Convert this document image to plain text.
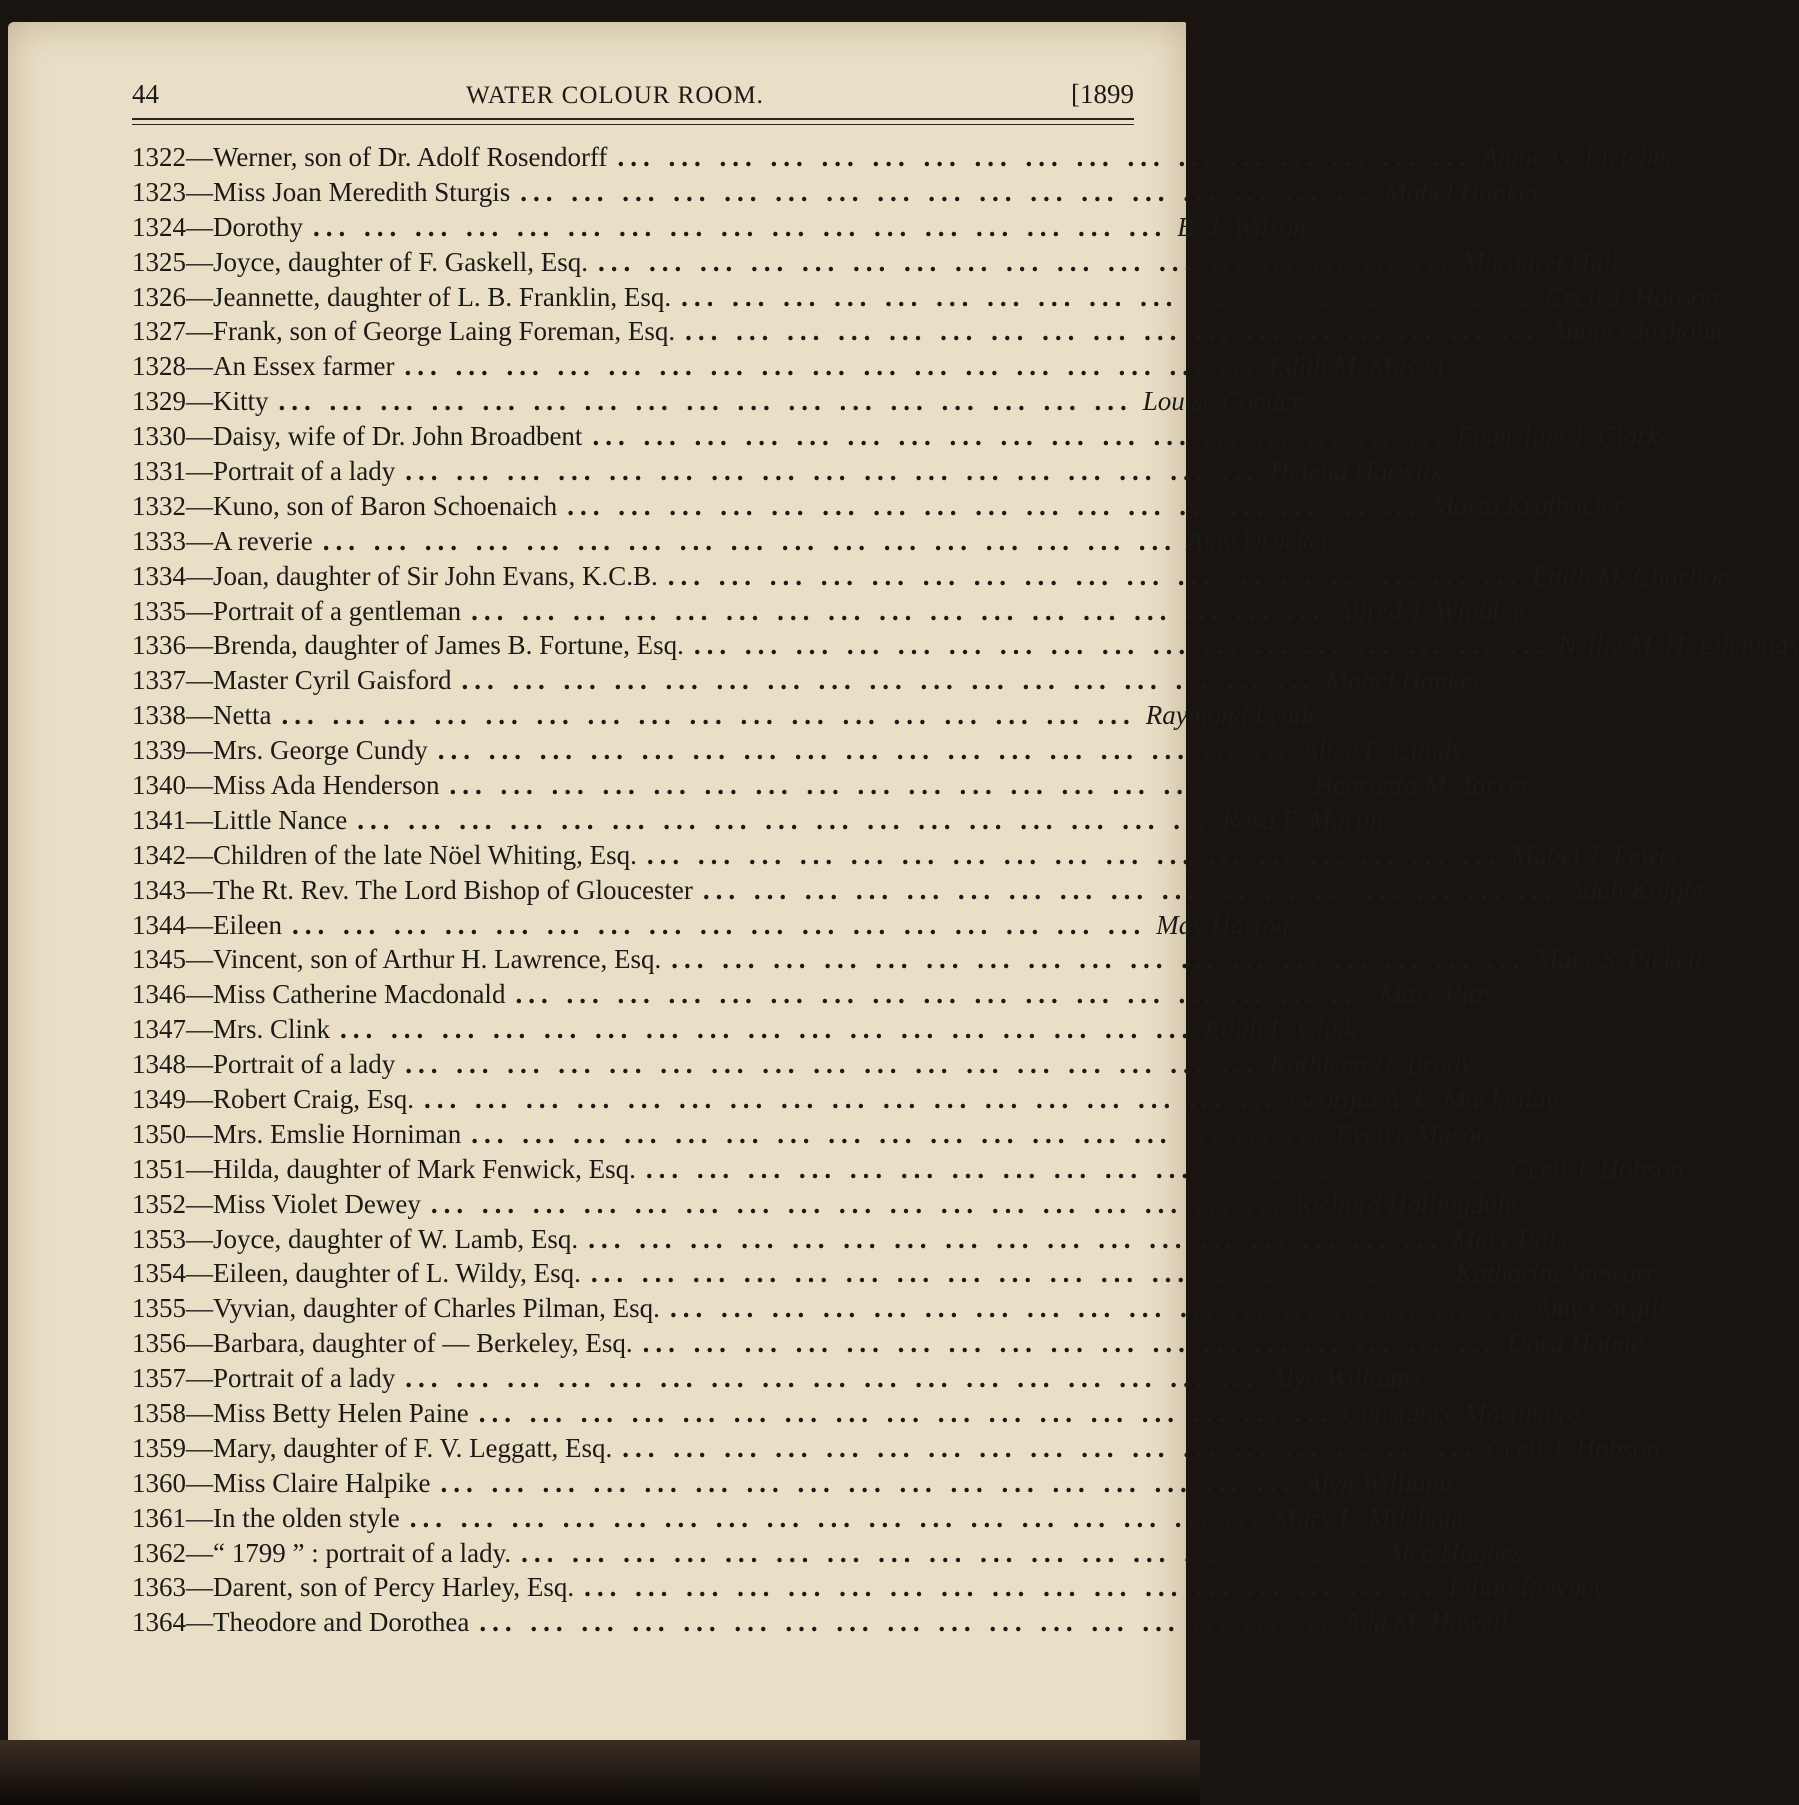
44	WATER COLOUR ROOM.	[1899
1322—Werner, son of Dr. Adolf Rosendorff ... .	Annie G. Fletcher
1323—Miss Joan Meredith Sturgis ... .	Mabel Hankey
1324—Dorothy ... .	B. J. Wilson
1325—Joyce, daughter of F. Gaskell, Esq. ... .	Margaret Hall
1326—Jeannette, daughter of L. B. Franklin, Esq. ... .	Cecil J. Hobson
1327—Frank, son of George Laing Foreman, Esq. ... .	Annie Chisholm
1328—An Essex farmer ... .	Edith M. Mason
1329—Kitty ... .	Louise Conder
1330—Daisy, wife of Dr. John Broadbent ... .	Emmeline T. Clarke
1331—Portrait of a lady ... .	Helena Horwitz
1332—Kuno, son of Baron Schoenaich ... .	Marta Kraftmeier
1333—A reverie ... .	Amy Drucker
1334—Joan, daughter of Sir John Evans, K.C.B. ... .	Edith M. Charlton
1335—Portrait of a gentleman ... .	Alfred T. Whibley
1336—Brenda, daughter of James B. Fortune, Esq. ... .	Nellie M. H. Edmunds
1337—Master Cyril Gaisford ... .	Mabel Hankey
1338—Netta ... .	Raymond Lynde
1339—Mrs. George Cundy ... .	Alice L. Cundy
1340—Miss Ada Henderson ... .	Henrietta M. Tarver
1341—Little Nance ... .	Rosa P. Martin
1342—Children of the late Nöel Whiting, Esq. ... .	Mabel T. Lewis
1343—The Rt. Rev. The Lord Bishop of Gloucester ... .	Adah Knight
1344—Eileen ... .	May Hartog
1345—Vincent, son of Arthur H. Lawrence, Esq. ... .	Mary S. Pickett
1346—Miss Catherine Macdonald ... .	Mary Pitts
1347—Mrs. Clink ... .	Edith L. Clink
1348—Portrait of a lady ... .	Kathleen H. Brady
1349—Robert Craig, Esq. ... .	Georgia A. E. Mackinlay
1350—Mrs. Emslie Horniman ... .	Evelyn Mason
1351—Hilda, daughter of Mark Fenwick, Esq. ... .	Cecil J. Hobson
1352—Miss Violet Dewey ... .	Richard Hollingdale
1353—Joyce, daughter of W. Lamb, Esq. ... .	Mary Pitts
1354—Eileen, daughter of L. Wildy, Esq. ... .	Katharine Stewart
1355—Vyvian, daughter of Charles Pilman, Esq. ... .	Amy Cargill
1356—Barbara, daughter of — Berkeley, Esq. ... .	Dora Holme
1357—Portrait of a lady ... .	Alyn Williams
1358—Miss Betty Helen Paine ... .	Constance Mortimore
1359—Mary, daughter of F. V. Leggatt, Esq. ... .	Cecil J. Hobson
1360—Miss Claire Halpike ... .	Alyn Williams
1361—In the olden style ... .	Mary L. Mileham
1362—“ 1799 ” : portrait of a lady. ... .	Alce Hughes
1363—Darent, son of Percy Harley, Esq. ... .	Lilian Rowney
1364—Theodore and Dorothea ... .	Ada M. Howell
